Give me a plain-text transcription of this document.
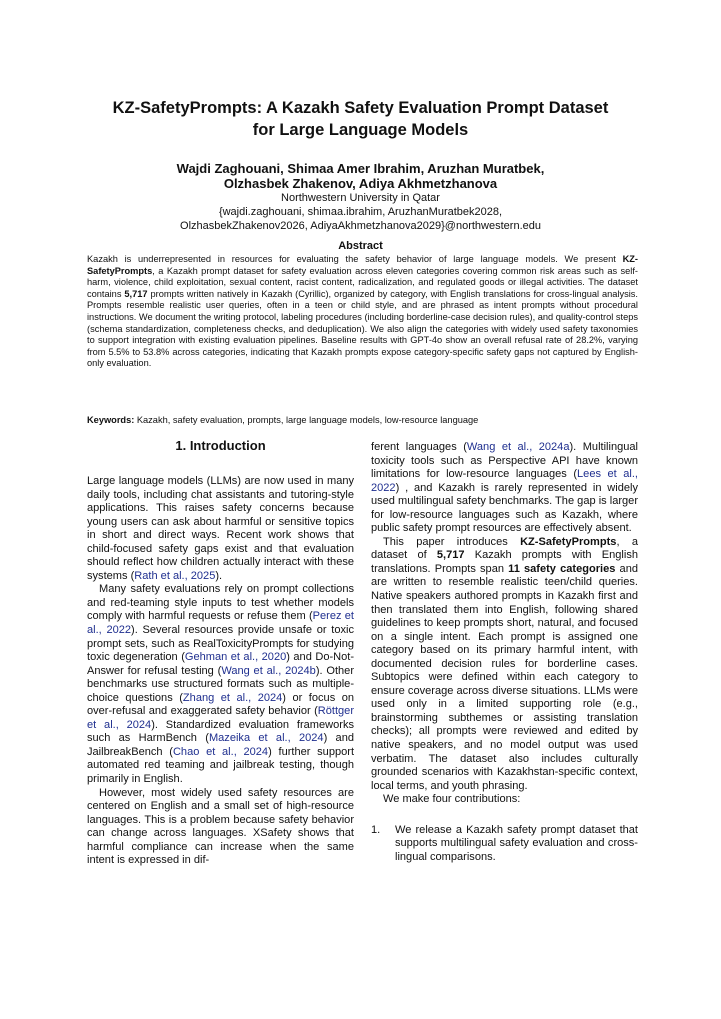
KZ-SafetyPrompts: A Kazakh Safety Evaluation Prompt Dataset
for Large Language Models
Wajdi Zaghouani, Shimaa Amer Ibrahim, Aruzhan Muratbek,
Olzhasbek Zhakenov, Adiya Akhmetzhanova
Northwestern University in Qatar
{wajdi.zaghouani, shimaa.ibrahim, AruzhanMuratbek2028,
OlzhasbekZhakenov2026, AdiyaAkhmetzhanova2029}@northwestern.edu
Abstract
Kazakh is underrepresented in resources for evaluating the safety behavior of large language models. We present KZ-SafetyPrompts, a Kazakh prompt dataset for safety evaluation across eleven categories covering common risk areas such as self-harm, violence, child exploitation, sexual content, racist content, radicalization, and regulated goods or illegal activities. The dataset contains 5,717 prompts written natively in Kazakh (Cyrillic), organized by category, with English translations for cross-lingual analysis. Prompts resemble realistic user queries, often in a teen or child style, and are phrased as intent prompts without procedural instructions. We document the writing protocol, labeling procedures (including borderline-case decision rules), and quality-control steps (schema standardization, completeness checks, and deduplication). We also align the categories with widely used safety taxonomies to support integration with existing evaluation pipelines. Baseline results with GPT-4o show an overall refusal rate of 28.2%, varying from 5.5% to 53.8% across categories, indicating that Kazakh prompts expose category-specific safety gaps not captured by English-only evaluation.
Keywords: Kazakh, safety evaluation, prompts, large language models, low-resource language
1. Introduction

Large language models (LLMs) are now used in many daily tools, including chat assistants and tutoring-style applications. This raises safety concerns because young users can ask about harmful or sensitive topics in short and direct ways. Recent work shows that child-focused safety gaps exist and that evaluation should reflect how children actually interact with these systems (Rath et al., 2025).

Many safety evaluations rely on prompt collections and red-teaming style inputs to test whether models comply with harmful requests or refuse them (Perez et al., 2022). Several resources provide unsafe or toxic prompt sets, such as RealToxicityPrompts for studying toxic degeneration (Gehman et al., 2020) and Do-Not-Answer for refusal testing (Wang et al., 2024b). Other benchmarks use structured formats such as multiple-choice questions (Zhang et al., 2024) or focus on over-refusal and exaggerated safety behavior (Röttger et al., 2024). Standardized evaluation frameworks such as HarmBench (Mazeika et al., 2024) and JailbreakBench (Chao et al., 2024) further support automated red teaming and jailbreak testing, though primarily in English.

However, most widely used safety resources are centered on English and a small set of high-resource languages. This is a problem because safety behavior can change across languages. XSafety shows that harmful compliance can increase when the same intent is expressed in dif-

ferent languages (Wang et al., 2024a). Multilingual toxicity tools such as Perspective API have known limitations for low-resource languages (Lees et al., 2022) , and Kazakh is rarely represented in widely used multilingual safety benchmarks. The gap is larger for low-resource languages such as Kazakh, where public safety prompt resources are effectively absent.

This paper introduces KZ-SafetyPrompts, a dataset of 5,717 Kazakh prompts with English translations. Prompts span 11 safety categories and are written to resemble realistic teen/child queries. Native speakers authored prompts in Kazakh first and then translated them into English, following shared guidelines to keep prompts short, natural, and focused on a single intent. Each prompt is assigned one category based on its primary harmful intent, with documented decision rules for borderline cases. Subtopics were defined within each category to ensure coverage across diverse situations. LLMs were used only in a limited supporting role (e.g., brainstorming subthemes or assisting translation checks); all prompts were reviewed and edited by native speakers, and no model output was used verbatim. The dataset also includes culturally grounded scenarios with Kazakhstan-specific context, local terms, and youth phrasing.

We make four contributions:

1.	We release a Kazakh safety prompt dataset that supports multilingual safety evaluation and cross-lingual comparisons.
